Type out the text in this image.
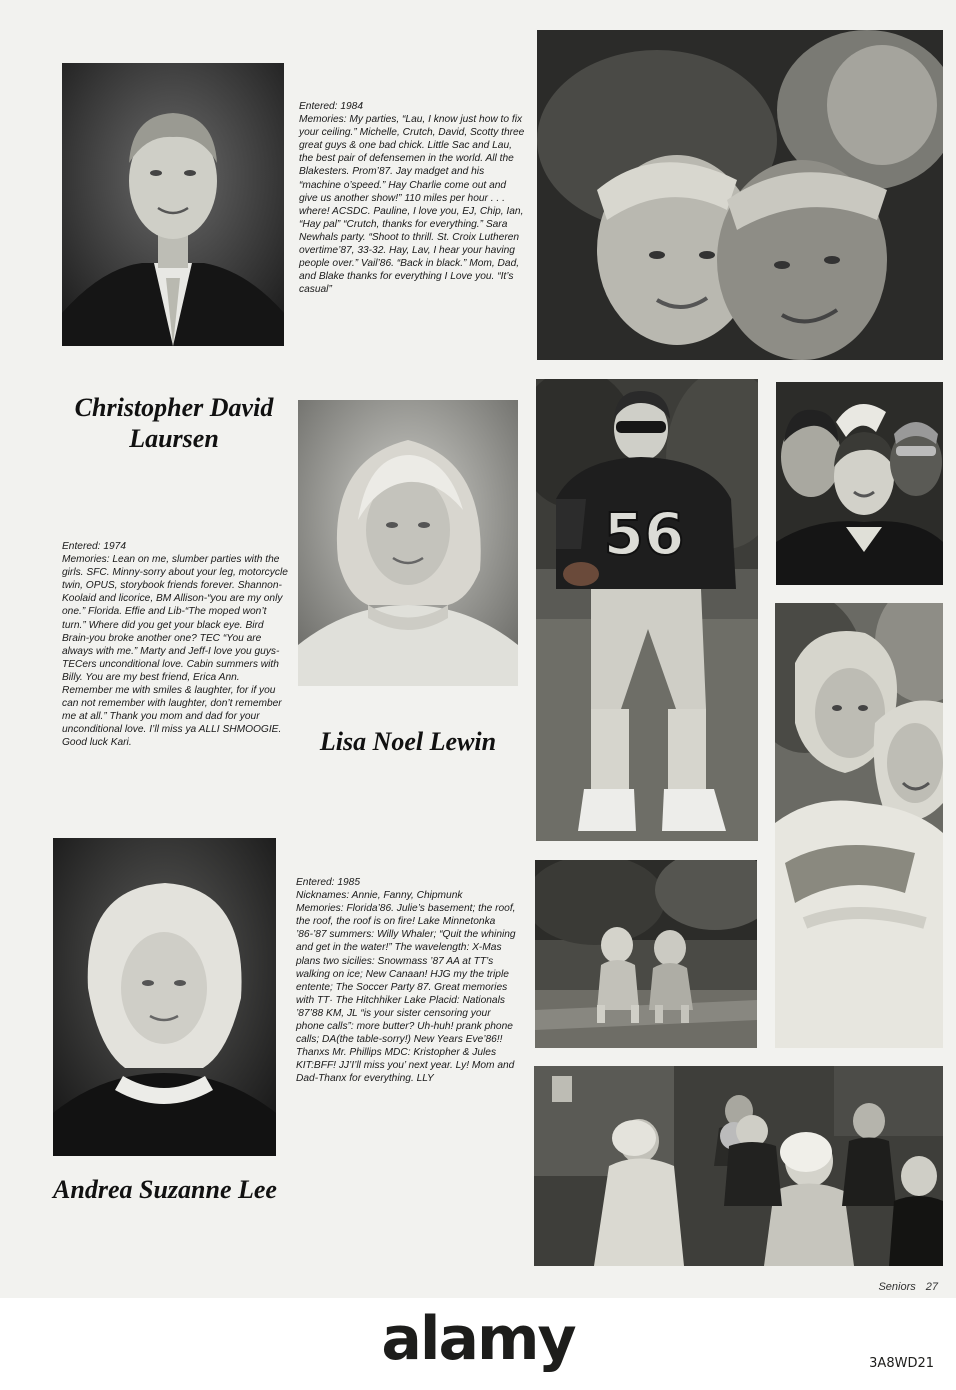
Christopher David Laursen

Entered: 1984

Memories: My parties, “Lau, I know just how to fix your ceiling.” Michelle, Crutch, David, Scotty three great guys & one bad chick. Little Sac and Lau, the best pair of defensemen in the world. All the Blakesters. Prom’87. Jay madget and his “machine o’speed.” Hay Charlie come out and give us another show!” 110 miles per hour . . . where! ACSDC. Pauline, I love you, EJ, Chip, Ian, “Hay pal” “Crutch, thanks for everything.” Sara Newhals party. “Shoot to thrill. St. Croix Lutheren overtime’87, 33-32. Hay, Lav, I hear your having people over.” Vail’86. “Back in black.” Mom, Dad, and Blake thanks for everything I Love you. “It’s casual”

Lisa Noel Lewin

Entered: 1974

Memories: Lean on me, slumber parties with the girls. SFC. Minny-sorry about your leg, motorcycle twin, OPUS, storybook friends forever. Shannon-Koolaid and licorice, BM Allison-“you are my only one.” Florida. Effie and Lib-“The moped won’t turn.” Where did you get your black eye. Bird Brain-you broke another one? TEC “You are always with me.” Marty and Jeff-I love you guys-TECers unconditional love. Cabin summers with Billy. You are my best friend, Erica Ann. Remember me with smiles & laughter, for if you can not remember with laughter, don’t remember me at all.” Thank you mom and dad for your unconditional love. I’ll miss ya ALLI SHMOOGIE. Good luck Kari.

Andrea Suzanne Lee

Entered: 1985

Nicknames: Annie, Fanny, Chipmunk

Memories: Florida’86. Julie’s basement; the roof, the roof, the roof is on fire! Lake Minnetonka ’86-’87 summers: Willy Whaler; “Quit the whining and get in the water!” The wavelength: X-Mas plans two sicilies: Snowmass ’87 AA at TT’s walking on ice; New Canaan! HJG my the triple entente; The Soccer Party 87. Great memories with TT· The Hitchhiker Lake Placid: Nationals ’87’88 KM, JL “is your sister censoring your phone calls”: more butter? Uh-huh! prank phone calls; DA(the table-sorry!) New Years Eve’86!! Thanxs Mr. Phillips MDC: Kristopher & Jules KIT:BFF! JJ’I’ll miss you’ next year. Ly! Mom and Dad-Thanx for everything. LLY

56
Seniors 27
alamy	3A8WD21
